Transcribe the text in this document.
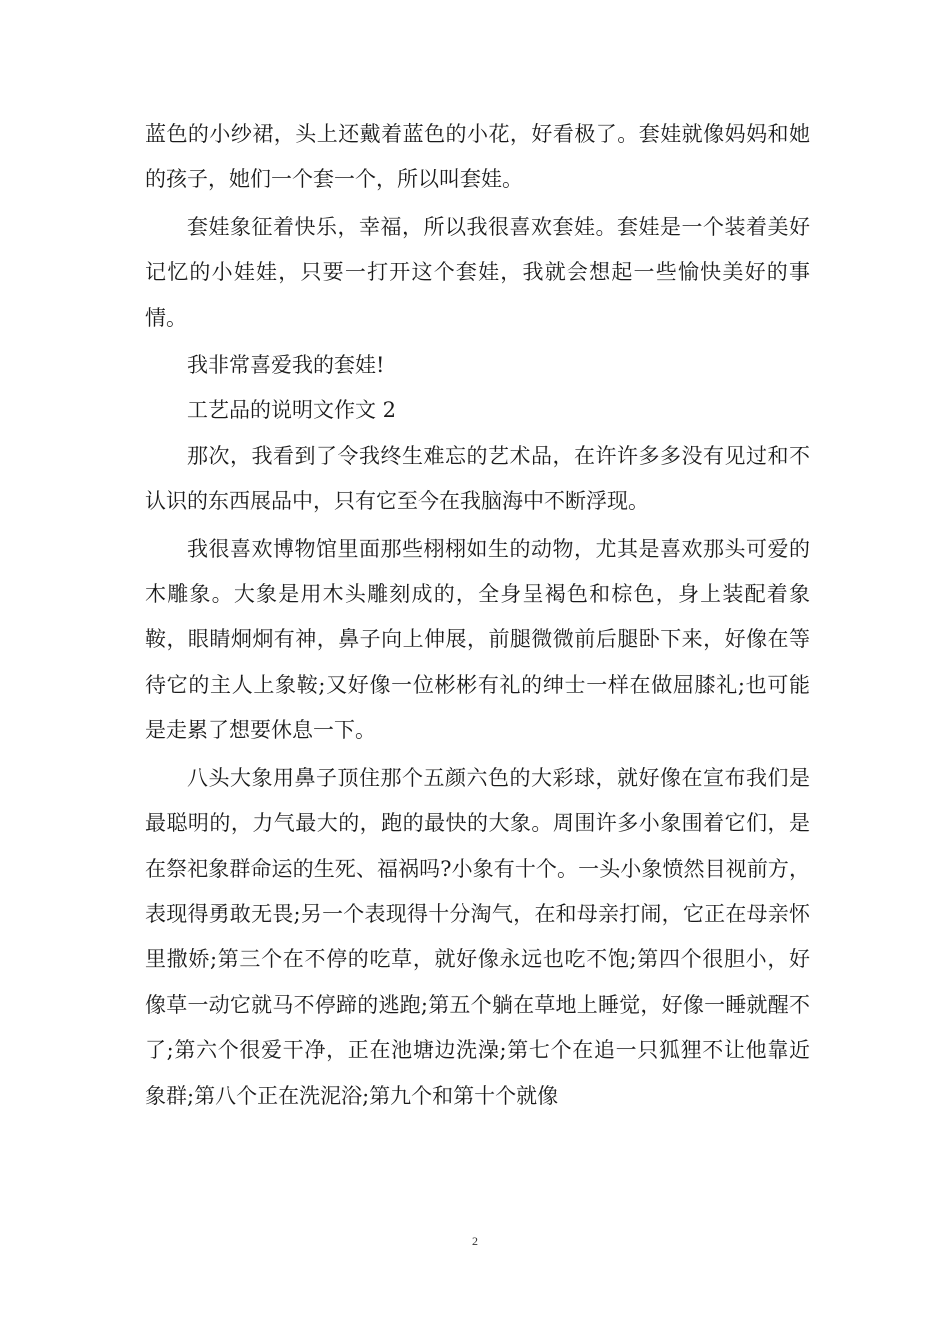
蓝色的小纱裙，头上还戴着蓝色的小花，好看极了。套娃就像妈妈和她的孩子，她们一个套一个，所以叫套娃。

套娃象征着快乐，幸福，所以我很喜欢套娃。套娃是一个装着美好记忆的小娃娃，只要一打开这个套娃，我就会想起一些愉快美好的事情。

我非常喜爱我的套娃!

工艺品的说明文作文 2

那次，我看到了令我终生难忘的艺术品，在许许多多没有见过和不认识的东西展品中，只有它至今在我脑海中不断浮现。

我很喜欢博物馆里面那些栩栩如生的动物，尤其是喜欢那头可爱的木雕象。大象是用木头雕刻成的，全身呈褐色和棕色，身上装配着象鞍，眼睛炯炯有神，鼻子向上伸展，前腿微微前后腿卧下来，好像在等待它的主人上象鞍;又好像一位彬彬有礼的绅士一样在做屈膝礼;也可能是走累了想要休息一下。

八头大象用鼻子顶住那个五颜六色的大彩球，就好像在宣布我们是最聪明的，力气最大的，跑的最快的大象。周围许多小象围着它们，是在祭祀象群命运的生死、福祸吗?小象有十个。一头小象愤然目视前方，表现得勇敢无畏;另一个表现得十分淘气，在和母亲打闹，它正在母亲怀里撒娇;第三个在不停的吃草，就好像永远也吃不饱;第四个很胆小，好像草一动它就马不停蹄的逃跑;第五个躺在草地上睡觉，好像一睡就醒不了;第六个很爱干净，正在池塘边洗澡;第七个在追一只狐狸不让他靠近象群;第八个正在洗泥浴;第九个和第十个就像

2
